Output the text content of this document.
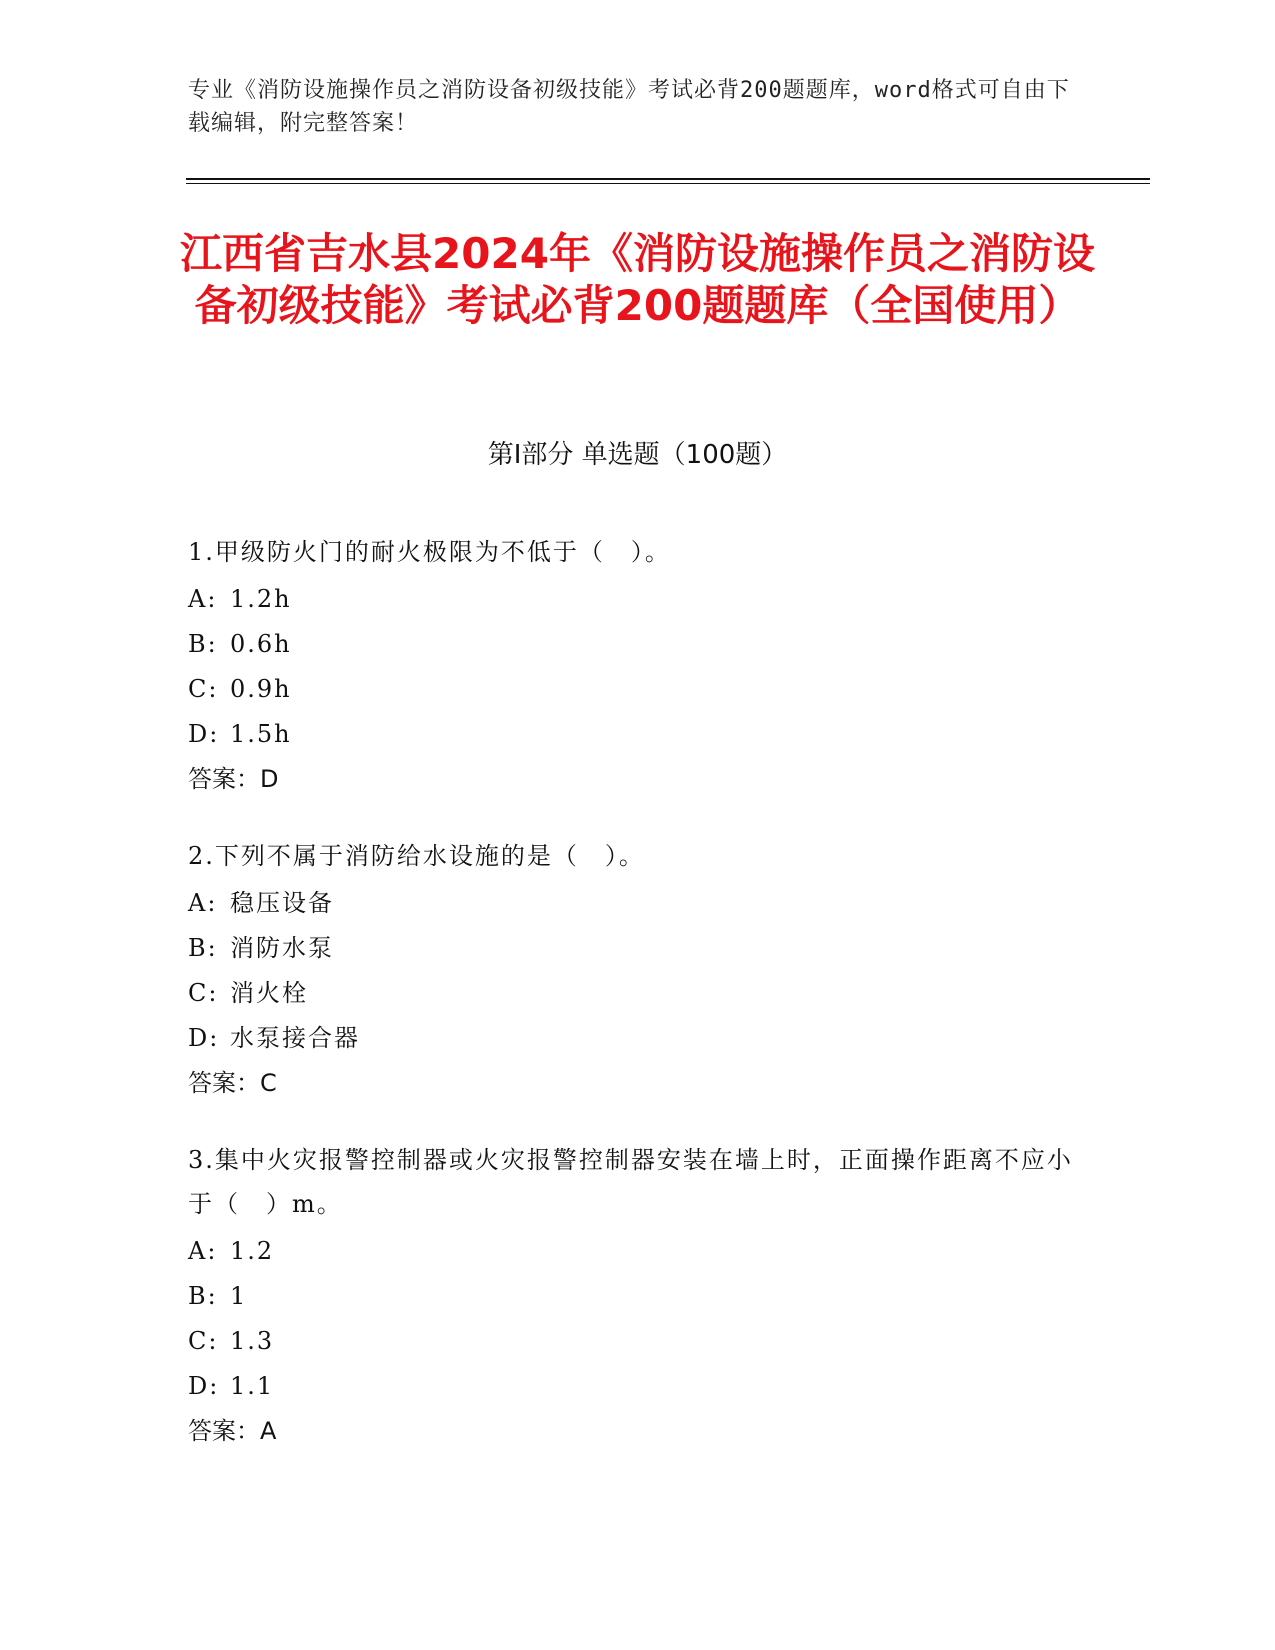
专业《消防设施操作员之消防设备初级技能》考试必背200题题库，word格式可自由下载编辑，附完整答案！
江西省吉水县2024年《消防设施操作员之消防设备初级技能》考试必背200题题库（全国使用）
第Ⅰ部分 单选题（100题）
1.甲级防火门的耐火极限为不低于（　）。
A: 1.2h
B: 0.6h
C: 0.9h
D: 1.5h
答案：D
2.下列不属于消防给水设施的是（　）。
A: 稳压设备
B: 消防水泵
C: 消火栓
D: 水泵接合器
答案：C
3.集中火灾报警控制器或火灾报警控制器安装在墙上时，正面操作距离不应小于（　）m。
A: 1.2
B: 1
C: 1.3
D: 1.1
答案：A
